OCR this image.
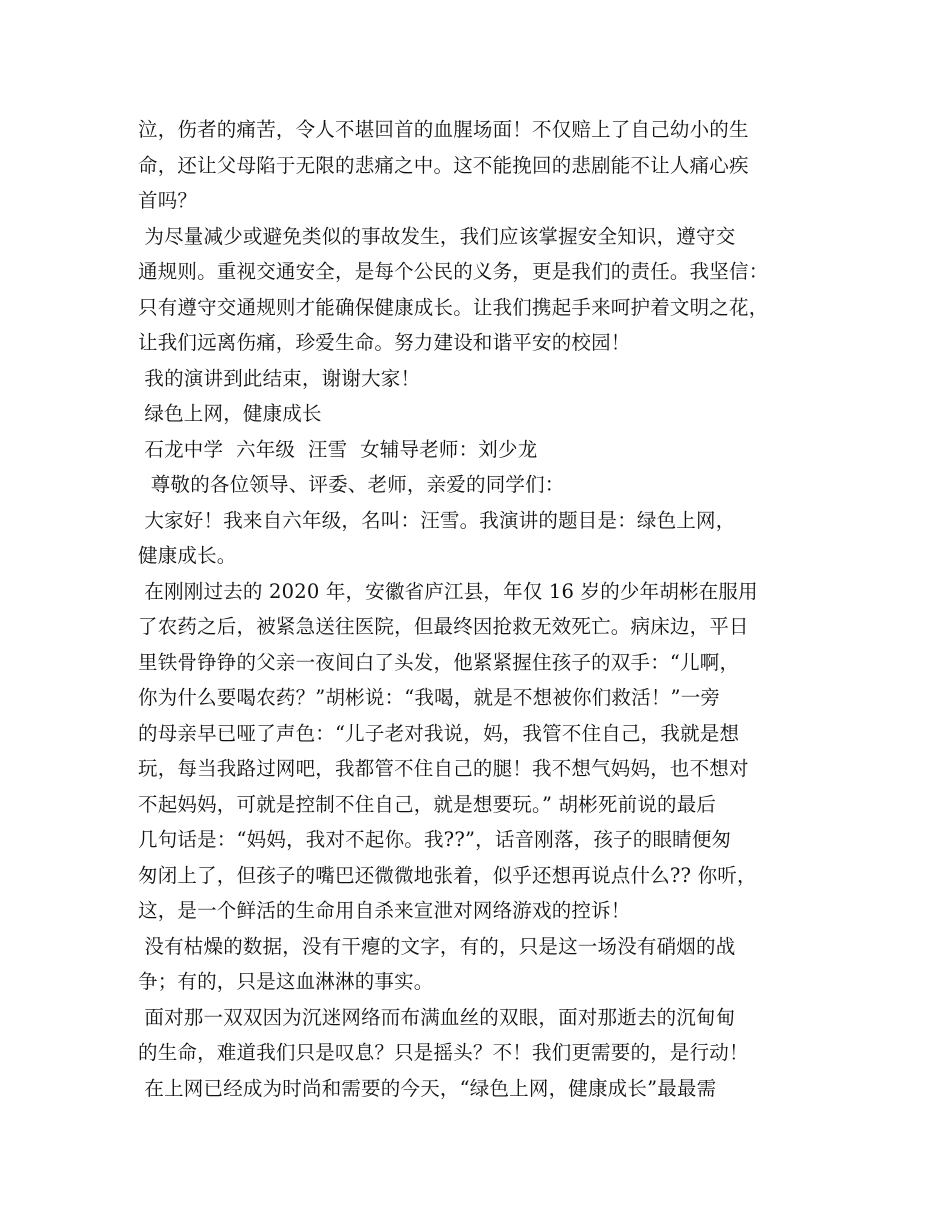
泣，伤者的痛苦，令人不堪回首的血腥场面！不仅赔上了自己幼小的生
命，还让父母陷于无限的悲痛之中。这不能挽回的悲剧能不让人痛心疾
首吗？
为尽量减少或避免类似的事故发生，我们应该掌握安全知识，遵守交
通规则。重视交通安全，是每个公民的义务，更是我们的责任。我坚信：
只有遵守交通规则才能确保健康成长。让我们携起手来呵护着文明之花，
让我们远离伤痛，珍爱生命。努力建设和谐平安的校园！
我的演讲到此结束，谢谢大家！
绿色上网，健康成长
石龙中学  六年级  汪雪  女辅导老师：刘少龙
尊敬的各位领导、评委、老师，亲爱的同学们：
大家好！我来自六年级，名叫：汪雪。我演讲的题目是：绿色上网，
健康成长。
在刚刚过去的 2020 年，安徽省庐江县，年仅 16 岁的少年胡彬在服用
了农药之后，被紧急送往医院，但最终因抢救无效死亡。病床边，平日
里铁骨铮铮的父亲一夜间白了头发，他紧紧握住孩子的双手：“儿啊，
你为什么要喝农药？”胡彬说：“我喝，就是不想被你们救活！”一旁
的母亲早已哑了声色：“儿子老对我说，妈，我管不住自己，我就是想
玩，每当我路过网吧，我都管不住自己的腿！我不想气妈妈，也不想对
不起妈妈，可就是控制不住自己，就是想要玩。” 胡彬死前说的最后
几句话是：“妈妈，我对不起你。我??”，话音刚落，孩子的眼睛便匆
匆闭上了，但孩子的嘴巴还微微地张着，似乎还想再说点什么?? 你听，
这，是一个鲜活的生命用自杀来宣泄对网络游戏的控诉！
没有枯燥的数据，没有干瘪的文字，有的，只是这一场没有硝烟的战
争；有的，只是这血淋淋的事实。
面对那一双双因为沉迷网络而布满血丝的双眼，面对那逝去的沉甸甸
的生命，难道我们只是叹息？只是摇头？不！我们更需要的，是行动！
在上网已经成为时尚和需要的今天，“绿色上网，健康成长”最最需
